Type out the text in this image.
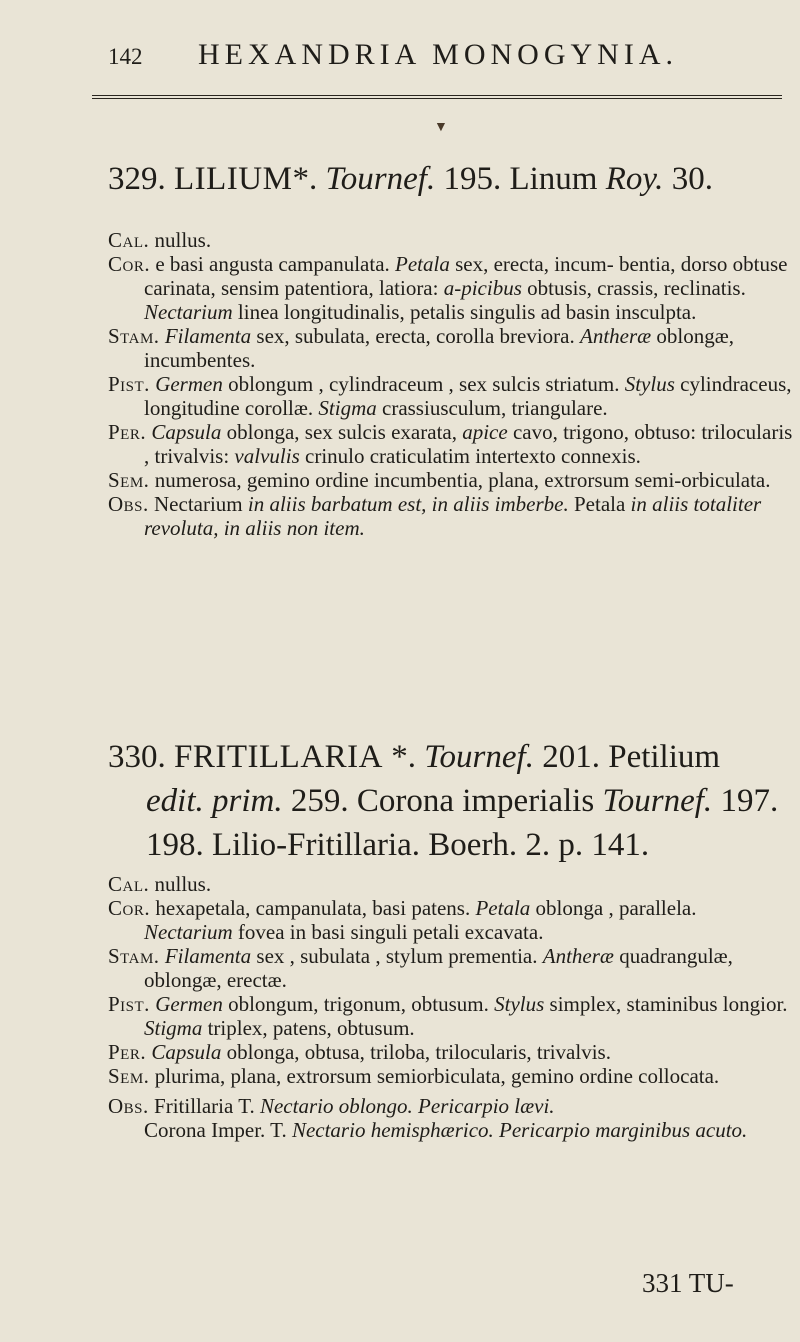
142 HEXANDRIA MONOGYNIA.
▼
329. LILIUM*. Tournef. 195. Linum Roy. 30.

Cal. nullus.

Cor. e basi angusta campanulata. Petala sex, erecta, incum- bentia, dorso obtuse carinata, sensim patentiora, latiora: a-picibus obtusis, crassis, reclinatis.

Nectarium linea longitudinalis, petalis singulis ad basin insculpta.

Stam. Filamenta sex, subulata, erecta, corolla breviora. Antheræ oblongæ, incumbentes.

Pist. Germen oblongum , cylindraceum , sex sulcis striatum. Stylus cylindraceus, longitudine corollæ. Stigma crassiusculum, triangulare.

Per. Capsula oblonga, sex sulcis exarata, apice cavo, trigono, obtuso: trilocularis , trivalvis: valvulis crinulo craticulatim intertexto connexis.

Sem. numerosa, gemino ordine incumbentia, plana, extrorsum semi-orbiculata.

Obs. Nectarium in aliis barbatum est, in aliis imberbe. Petala in aliis totaliter revoluta, in aliis non item.

330. FRITILLARIA *. Tournef. 201. Petilium
edit. prim. 259. Corona imperialis Tournef. 197.
198. Lilio-Fritillaria. Boerh. 2. p. 141.

Cal. nullus.

Cor. hexapetala, campanulata, basi patens. Petala oblonga , parallela.

Nectarium fovea in basi singuli petali excavata.

Stam. Filamenta sex , subulata , stylum prementia. Antheræ quadrangulæ, oblongæ, erectæ.

Pist. Germen oblongum, trigonum, obtusum. Stylus simplex, staminibus longior. Stigma triplex, patens, obtusum.

Per. Capsula oblonga, obtusa, triloba, trilocularis, trivalvis.

Sem. plurima, plana, extrorsum semiorbiculata, gemino ordine collocata.

Obs. Fritillaria T. Nectario oblongo. Pericarpio lævi.

Corona Imper. T. Nectario hemisphærico. Pericarpio marginibus acuto.

331 TU-
